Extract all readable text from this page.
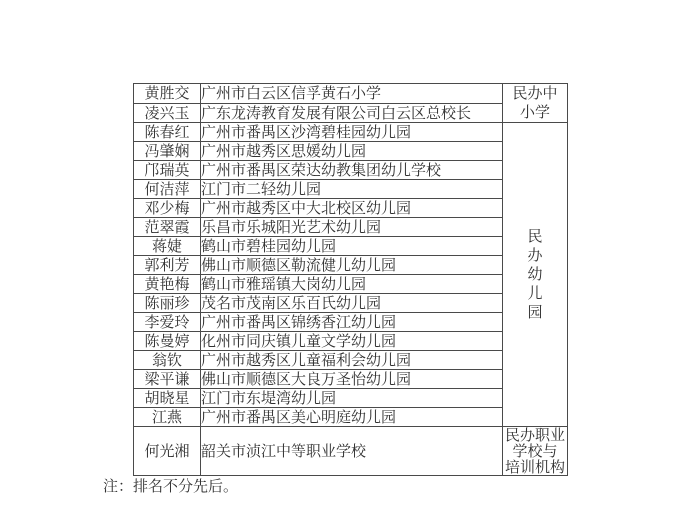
黄胜交	广州市白云区信孚黄石小学	民办中
小学

凌兴玉	广东龙涛教育发展有限公司白云区总校长	
陈春红	广州市番禺区沙湾碧桂园幼儿园	民
办
幼
儿
园

冯肇娴	广州市越秀区思媛幼儿园	
邝瑞英	广州市番禺区荣达幼教集团幼儿学校	
何洁萍	江门市二轻幼儿园	
邓少梅	广州市越秀区中大北校区幼儿园	
范翠霞	乐昌市乐城阳光艺术幼儿园	
蒋婕	鹤山市碧桂园幼儿园	
郭利芳	佛山市顺德区勒流健儿幼儿园	
黄艳梅	鹤山市雅瑶镇大岗幼儿园	
陈丽珍	茂名市茂南区乐百氏幼儿园	
李爱玲	广州市番禺区锦绣香江幼儿园	
陈曼婷	化州市同庆镇儿童文学幼儿园	
翁钦	广州市越秀区儿童福利会幼儿园	
梁平谦	佛山市顺德区大良万圣怡幼儿园	
胡晓星	江门市东堤湾幼儿园	
江燕	广州市番禺区美心明庭幼儿园	
何光湘	韶关市浈江中等职业学校	民办职业
学校与
培训机构
注：排名不分先后。
